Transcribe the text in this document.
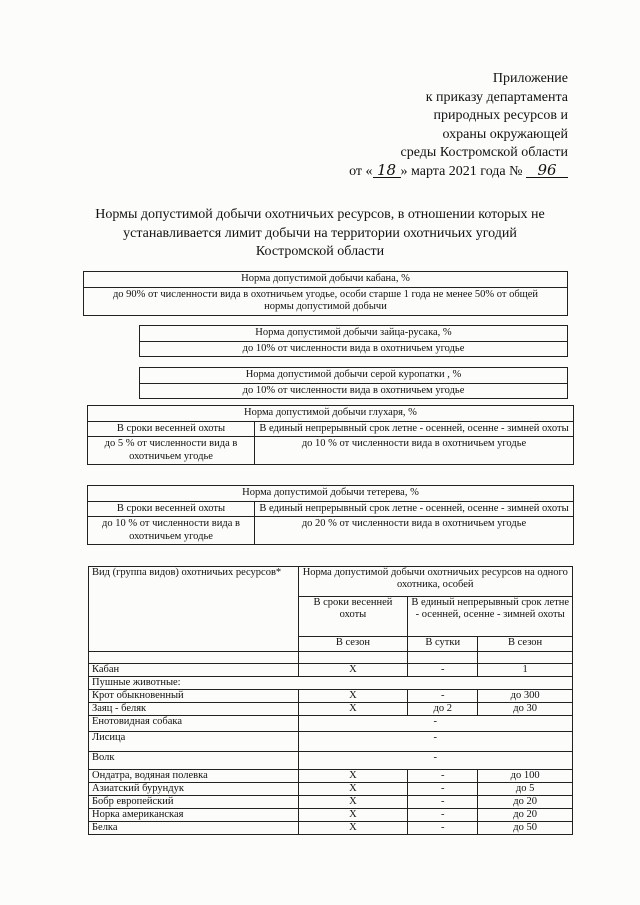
Приложение
к приказу департамента
природных ресурсов и
охраны окружающей
среды Костромской области
от « 18 » марта 2021 года № 96
Нормы допустимой добычи охотничьих ресурсов, в отношении которых не
устанавливается лимит добычи на территории охотничьих угодий
Костромской области
Норма допустимой добычи кабана, %

до 90% от численности вида в охотничьем угодье, особи старше 1 года не менее 50% от общей
нормы допустимой добычи
Норма допустимой добычи зайца-русака, %
до 10% от численности вида в охотничьем угодье
Норма допустимой добычи серой куропатки , %
до 10% от численности вида в охотничьем угодье
Норма допустимой добычи глухаря, %	
В сроки весенней охоты	В единый непрерывный срок летне - осенней, осенне - зимней охоты
до 5 % от численности вида в охотничьем угодье	до 10 % от численности вида в охотничьем угодье
Норма допустимой добычи тетерева, %	
В сроки весенней охоты	В единый непрерывный срок летне - осенней, осенне - зимней охоты
до 10 % от численности вида в охотничьем угодье	до 20 % от численности вида в охотничьем угодье
Вид (группа видов) охотничьих ресурсов*	Норма допустимой добычи охотничьих ресурсов на одного охотника, особей		
	В сроки весенней охоты	В единый непрерывный срок летне - осенней, осенне - зимней охоты	
	В сезон	В сутки	В сезон

Кабан	Х	-	1
Пушные животные:			
Крот обыкновенный	Х	-	до 300
Заяц - беляк	Х	до 2	до 30
Енотовидная собака	-		
Лисица	-		
Волк	-		
Ондатра, водяная полевка	Х	-	до 100
Азиатский бурундук	Х	-	до 5
Бобр европейский	Х	-	до 20
Норка американская	Х	-	до 20
Белка	Х	-	до 50
